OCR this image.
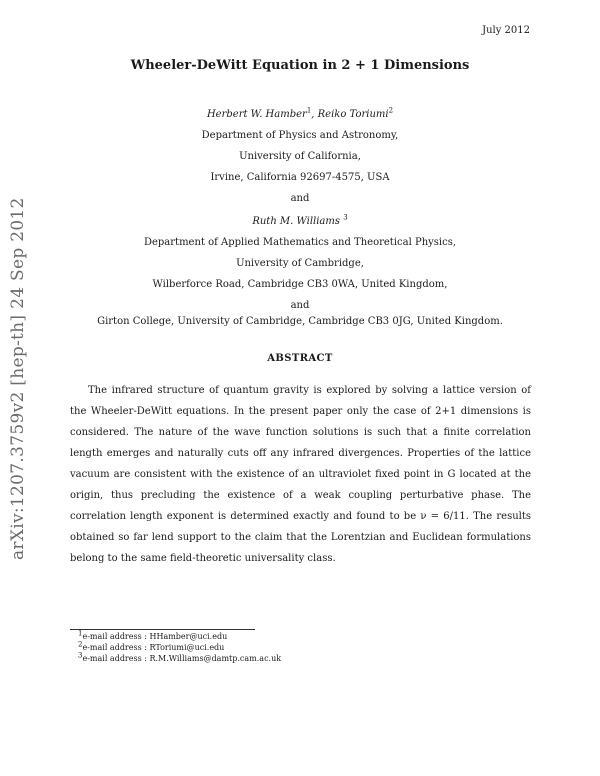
July 2012
arXiv:1207.3759v2 [hep-th] 24 Sep 2012
Wheeler-DeWitt Equation in 2 + 1 Dimensions
Herbert W. Hamber$^1$, Reiko Toriumi$^2$
Department of Physics and Astronomy,
University of California,
Irvine, California 92697-4575, USA
and
Ruth M. Williams $^3$
Department of Applied Mathematics and Theoretical Physics,
University of Cambridge,
Wilberforce Road, Cambridge CB3 0WA, United Kingdom,
and
Girton College, University of Cambridge, Cambridge CB3 0JG, United Kingdom.
ABSTRACT

The infrared structure of quantum gravity is explored by solving a lattice version of the Wheeler-DeWitt equations. In the present paper only the case of 2+1 dimensions is considered. The nature of the wave function solutions is such that a finite correlation length emerges and naturally cuts off any infrared divergences. Properties of the lattice vacuum are consistent with the existence of an ultraviolet fixed point in G located at the origin, thus precluding the existence of a weak coupling perturbative phase. The correlation length exponent is determined exactly and found to be ν = 6/11. The results obtained so far lend support to the claim that the Lorentzian and Euclidean formulations belong to the same field-theoretic universality class.

$^1$e-mail address : HHamber@uci.edu
$^2$e-mail address : RToriumi@uci.edu
$^3$e-mail address : R.M.Williams@damtp.cam.ac.uk
